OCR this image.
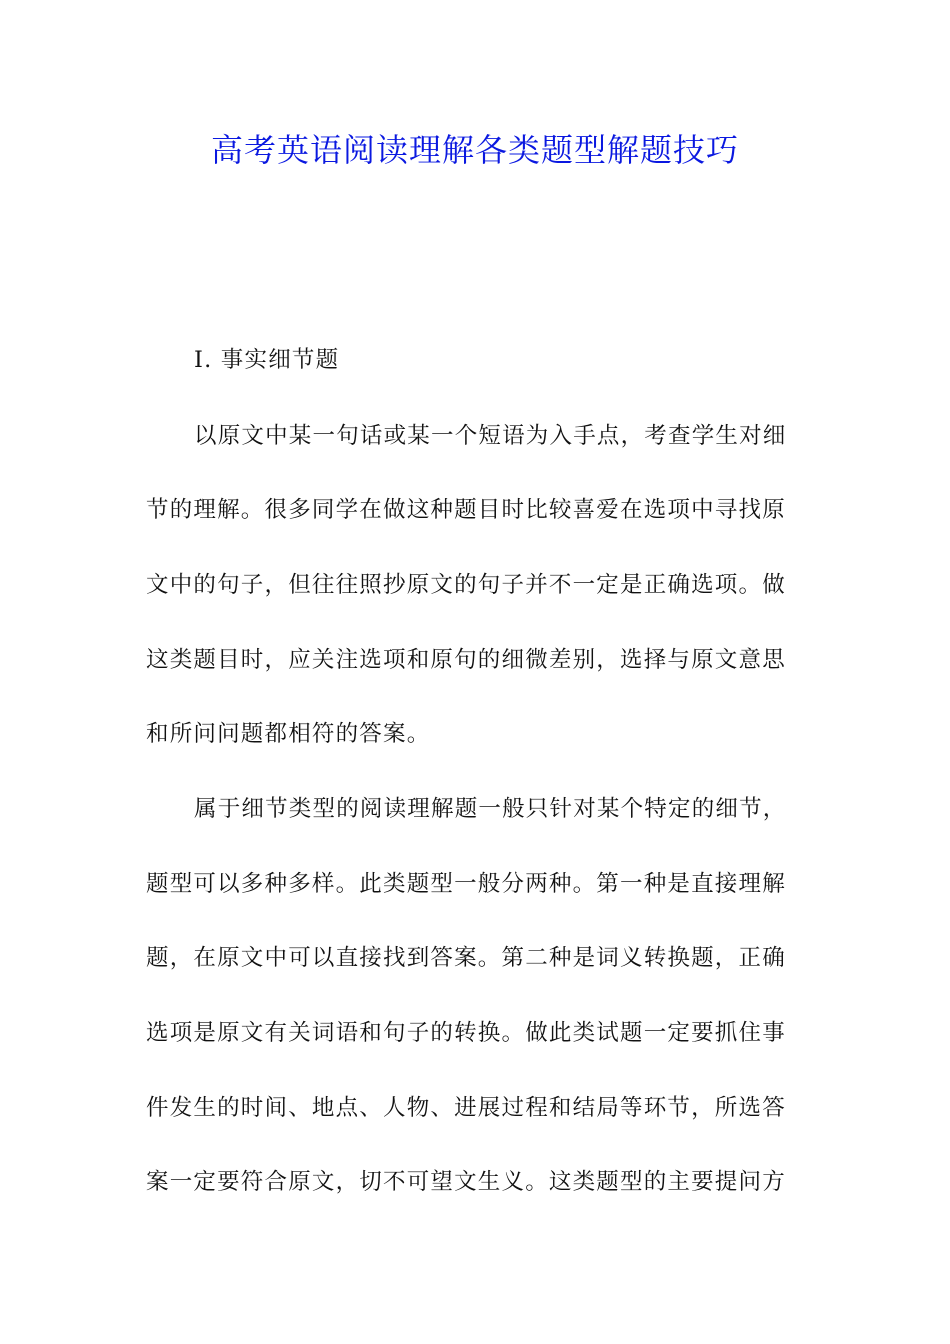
高考英语阅读理解各类题型解题技巧
Ⅰ. 事实细节题
以原文中某一句话或某一个短语为入手点，考查学生对细
节的理解。很多同学在做这种题目时比较喜爱在选项中寻找原
文中的句子，但往往照抄原文的句子并不一定是正确选项。做
这类题目时，应关注选项和原句的细微差别，选择与原文意思
和所问问题都相符的答案。
属于细节类型的阅读理解题一般只针对某个特定的细节，
题型可以多种多样。此类题型一般分两种。第一种是直接理解
题，在原文中可以直接找到答案。第二种是词义转换题，正确
选项是原文有关词语和句子的转换。做此类试题一定要抓住事
件发生的时间、地点、人物、进展过程和结局等环节，所选答
案一定要符合原文，切不可望文生义。这类题型的主要提问方
